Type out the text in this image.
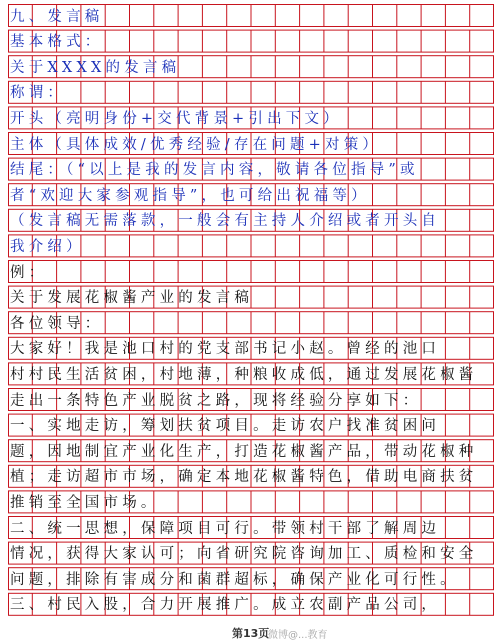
九、发言稿
基本格式：
关于XXXX的发言稿
称谓：
开头（亮明身份+交代背景+引出下文）
主体（具体成效/优秀经验/存在问题+对策）
结尾：（“以上是我的发言内容，敬请各位指导”或
者“欢迎大家参观指导”，也可给出祝福等）
（发言稿无需落款，一般会有主持人介绍或者开头自
我介绍）
例：
关于发展花椒酱产业的发言稿
各位领导：
大家好！我是池口村的党支部书记小赵。曾经的池口
村村民生活贫困，村地薄，种粮收成低，通过发展花椒酱
走出一条特色产业脱贫之路，现将经验分享如下：
一、实地走访，筹划扶贫项目。走访农户找准贫困问
题，因地制宜产业化生产，打造花椒酱产品，带动花椒种
植；走访超市市场，确定本地花椒酱特色，借助电商扶贫
推销至全国市场。
二、统一思想，保障项目可行。带领村干部了解周边
情况，获得大家认可；向省研究院咨询加工、质检和安全
问题，排除有害成分和菌群超标，确保产业化可行性。
三、村民入股，合力开展推广。成立农副产品公司，
第13页
微博@...教育
